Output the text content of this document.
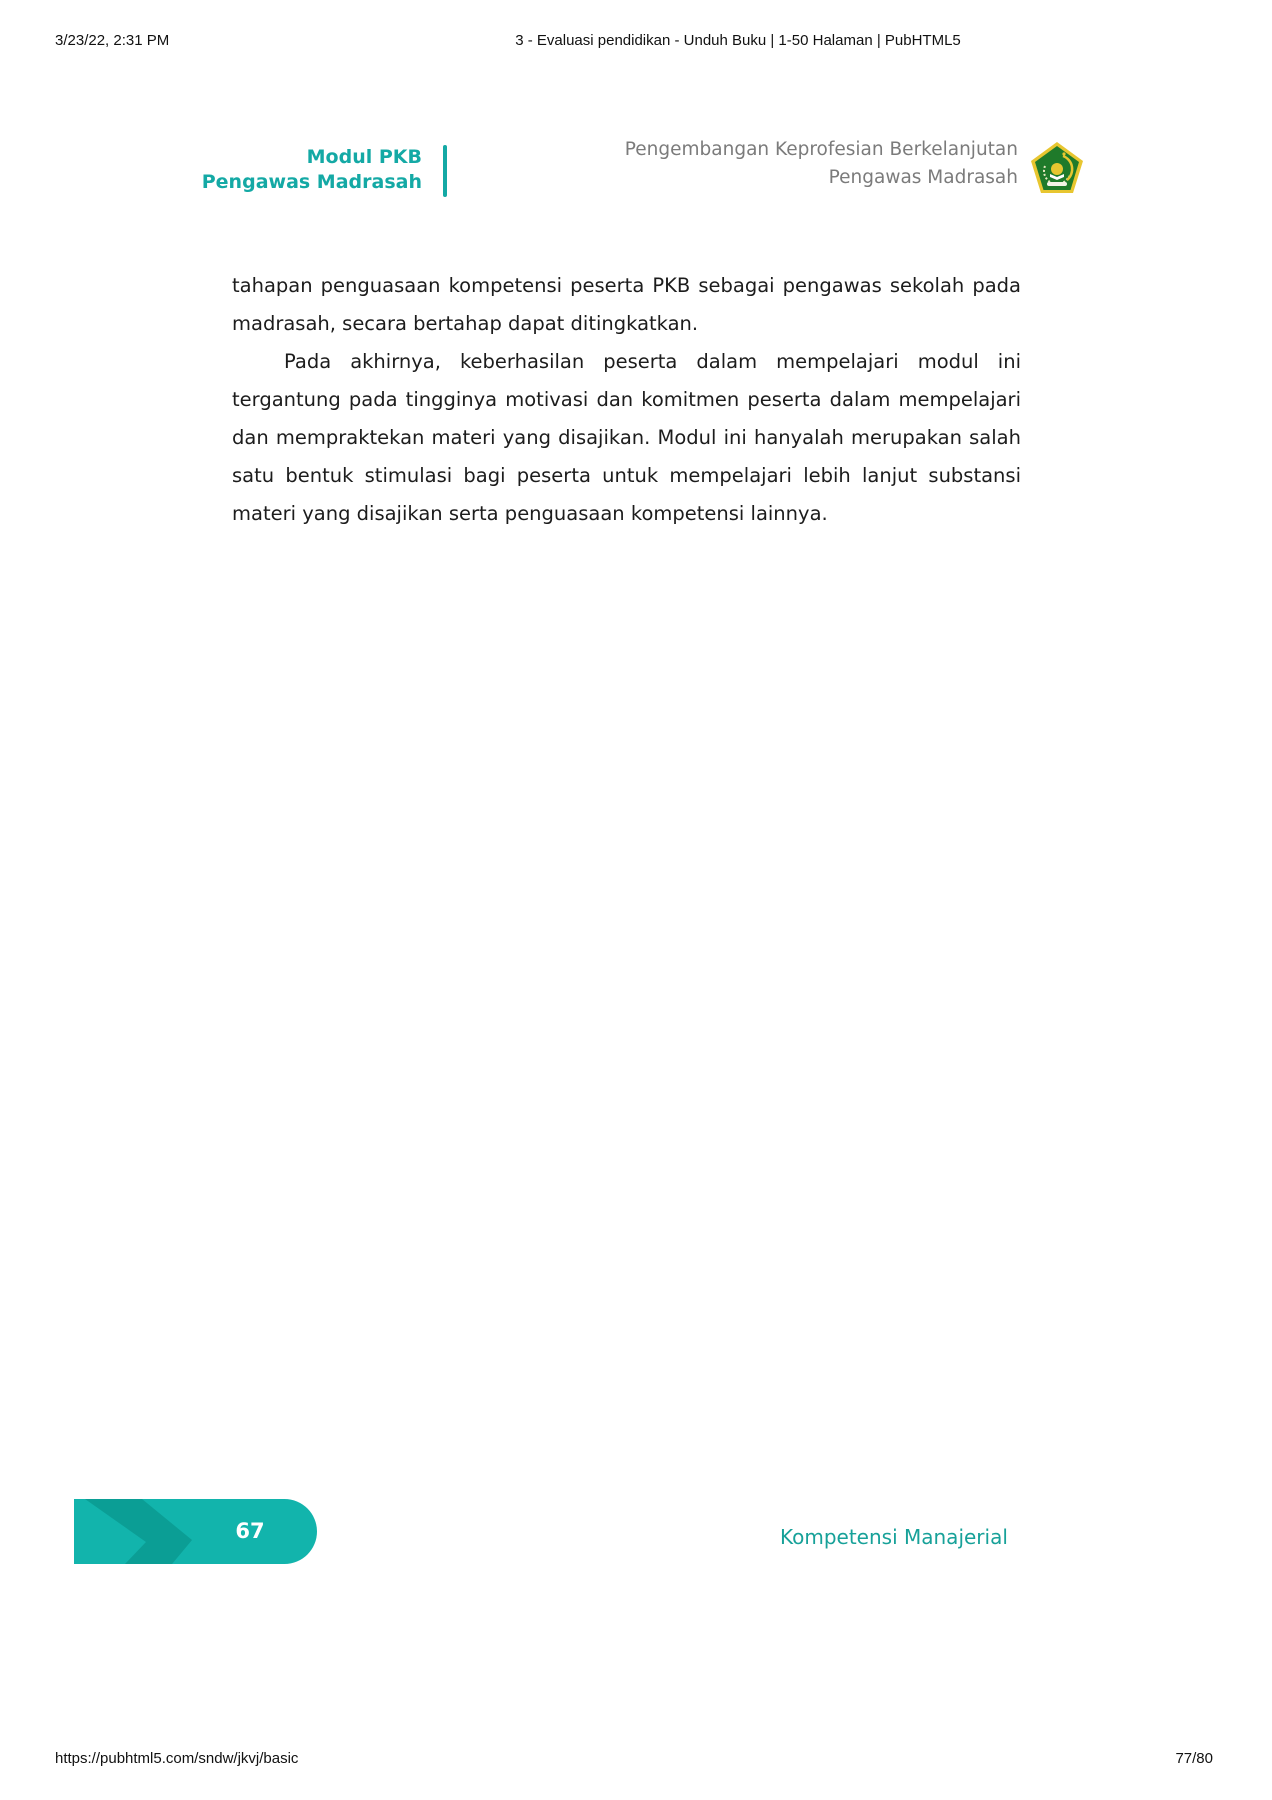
3/23/22, 2:31 PM	3 - Evaluasi pendidikan - Unduh Buku | 1-50 Halaman | PubHTML5
Modul PKB
Pengawas Madrasah
Pengembangan Keprofesian Berkelanjutan
Pengawas Madrasah

tahapan penguasaan kompetensi peserta PKB sebagai pengawas sekolah pada madrasah, secara bertahap dapat ditingkatkan.

Pada akhirnya, keberhasilan peserta dalam mempelajari modul ini tergantung pada tingginya motivasi dan komitmen peserta dalam mempelajari dan mempraktekan materi yang disajikan. Modul ini hanyalah merupakan salah satu bentuk stimulasi bagi peserta untuk mempelajari lebih lanjut substansi materi yang disajikan serta penguasaan kompetensi lainnya.

67	Kompetensi Manajerial
https://pubhtml5.com/sndw/jkvj/basic	77/80
